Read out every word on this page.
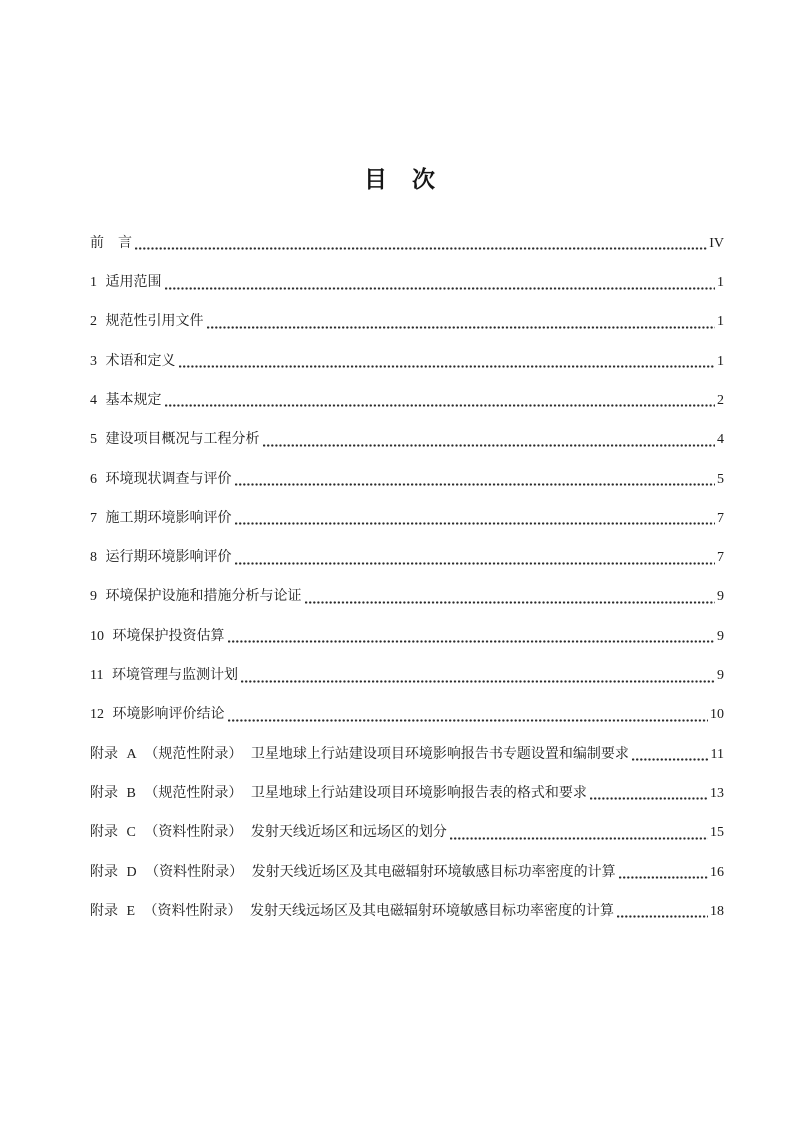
目　次
前　言	IV
1 适用范围	1
2 规范性引用文件	1
3 术语和定义	1
4 基本规定	2
5 建设项目概况与工程分析	4
6 环境现状调查与评价	5
7 施工期环境影响评价	7
8 运行期环境影响评价	7
9 环境保护设施和措施分析与论证	9
10 环境保护投资估算	9
11 环境管理与监测计划	9
12 环境影响评价结论	10
附录 A （规范性附录） 卫星地球上行站建设项目环境影响报告书专题设置和编制要求	11
附录 B （规范性附录） 卫星地球上行站建设项目环境影响报告表的格式和要求	13
附录 C （资料性附录） 发射天线近场区和远场区的划分	15
附录 D （资料性附录） 发射天线近场区及其电磁辐射环境敏感目标功率密度的计算	16
附录 E （资料性附录） 发射天线远场区及其电磁辐射环境敏感目标功率密度的计算	18
